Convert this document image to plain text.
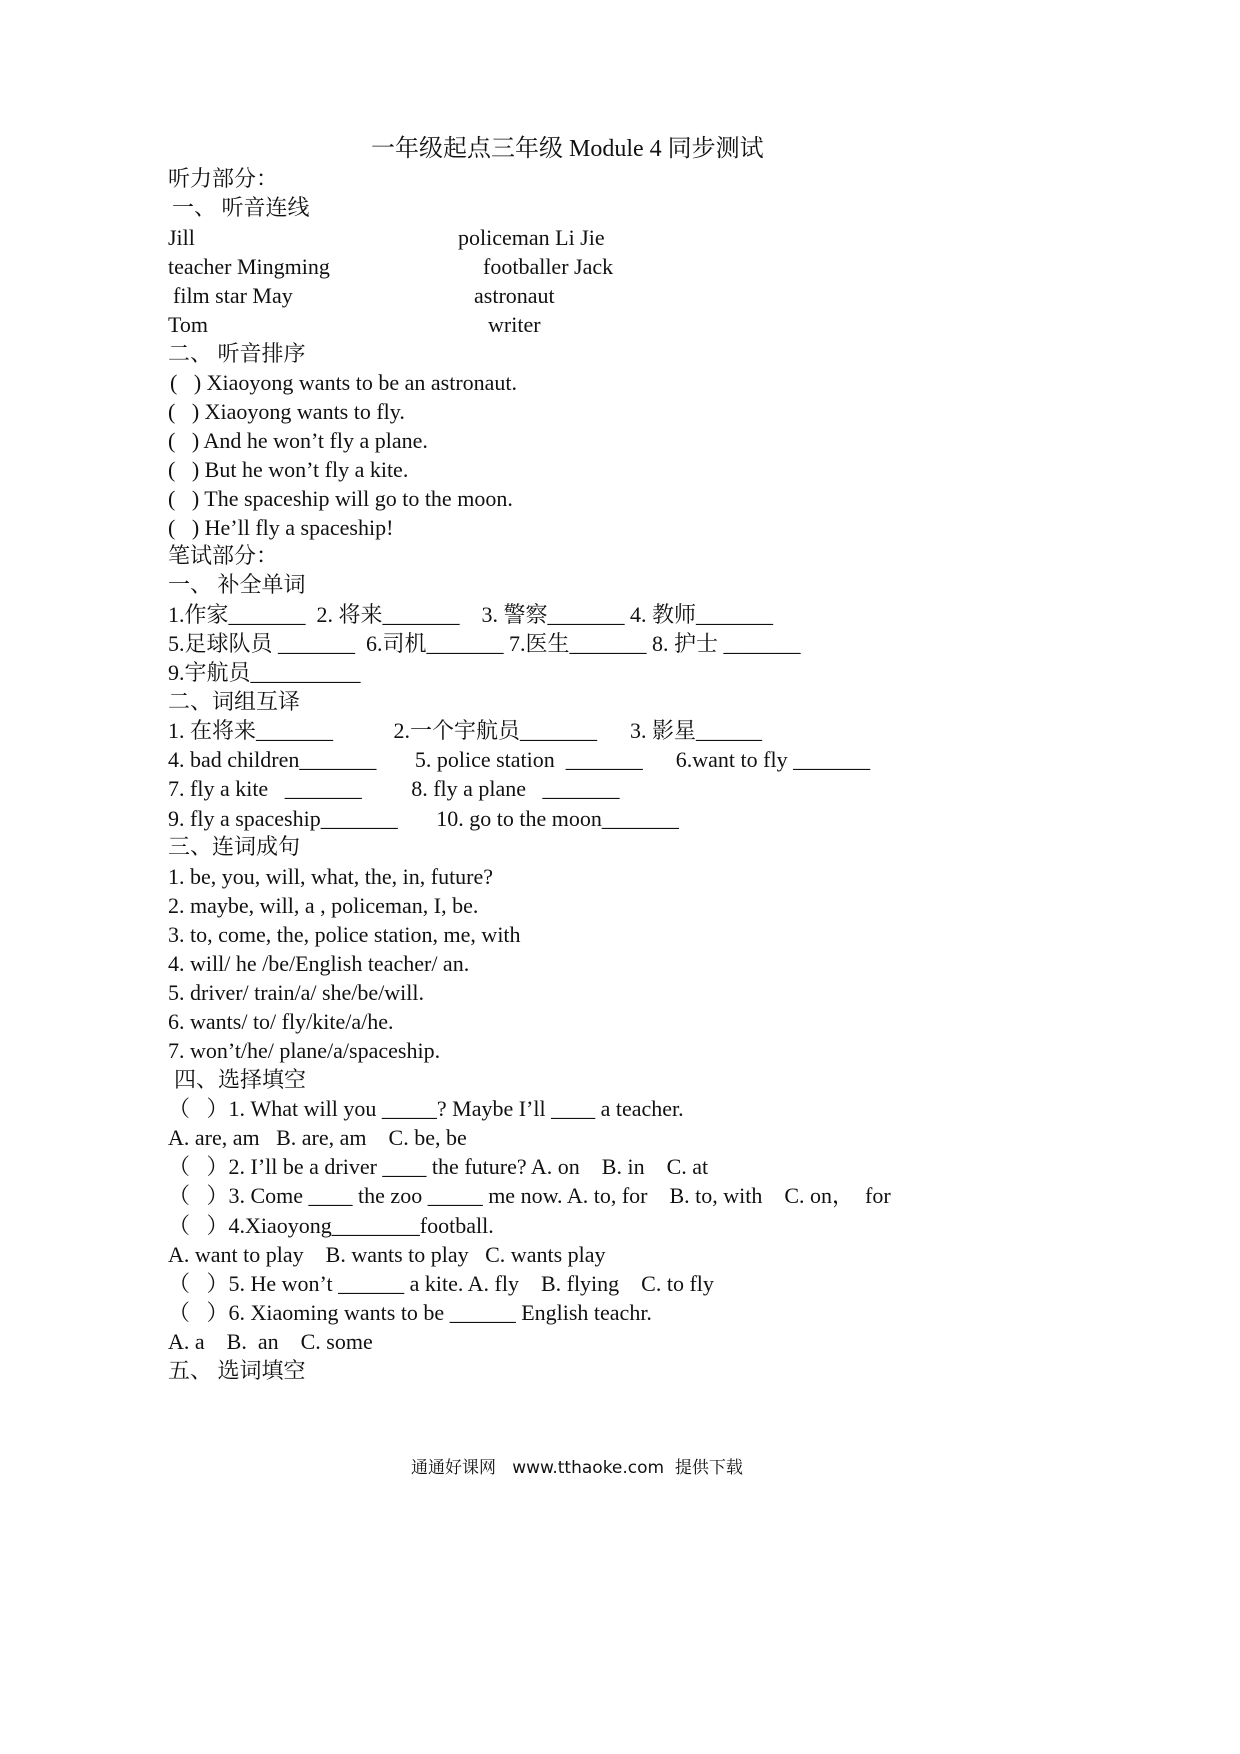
一年级起点三年级 Module 4 同步测试
听力部分：
一、 听音连线
Jill	policeman Li Jie
teacher Mingming	footballer Jack
film star May	astronaut
Tom	writer
二、 听音排序
(   ) Xiaoyong wants to be an astronaut.
(   ) Xiaoyong wants to fly.
(   ) And he won’t fly a plane.
(   ) But he won’t fly a kite.
(   ) The spaceship will go to the moon.
(   ) He’ll fly a spaceship!
笔试部分：
一、 补全单词
1.作家_______  2. 将来_______    3. 警察_______ 4. 教师_______
5.足球队员 _______  6.司机_______ 7.医生_______ 8. 护士 _______
9.宇航员__________
二、词组互译
1. 在将来_______           2.一个宇航员_______      3. 影星______
4. bad children_______       5. police station  _______      6.want to fly _______
7. fly a kite   _______         8. fly a plane   _______
9. fly a spaceship_______       10. go to the moon_______
三、连词成句
1. be, you, will, what, the, in, future?
2. maybe, will, a , policeman, I, be.
3. to, come, the, police station, me, with
4. will/ he /be/English teacher/ an.
5. driver/ train/a/ she/be/will.
6. wants/ to/ fly/kite/a/he.
7. won’t/he/ plane/a/spaceship.
四、选择填空
（   ）1. What will you _____? Maybe I’ll ____ a teacher.
A. are, am   B. are, am    C. be, be
（   ）2. I’ll be a driver ____ the future? A. on    B. in    C. at
（   ）3. Come ____ the zoo _____ me now. A. to, for    B. to, with    C. on，  for
（   ）4.Xiaoyong________football.
A. want to play    B. wants to play   C. wants play
（   ）5. He won’t ______ a kite. A. fly    B. flying    C. to fly
（   ）6. Xiaoming wants to be ______ English teachr.
A. a    B.  an    C. some
五、 选词填空
通通好课网   www.tthaoke.com  提供下载
